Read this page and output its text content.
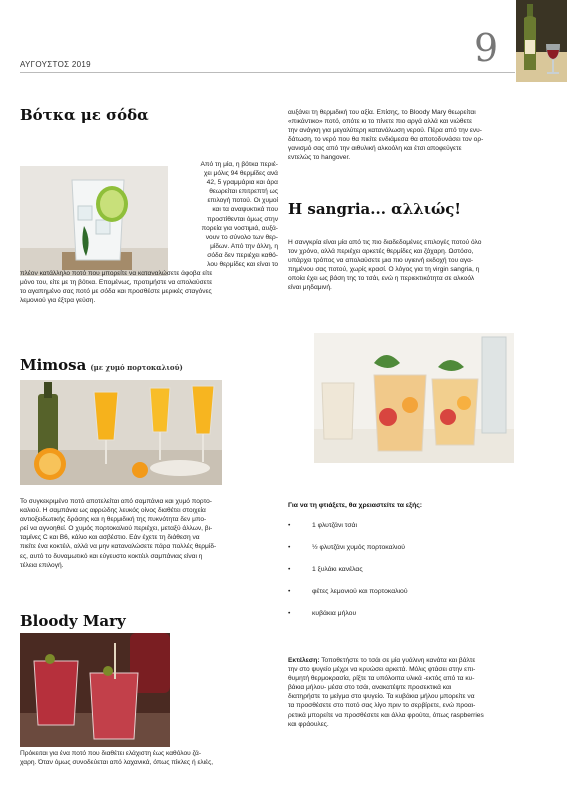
ΑΥΓΟΥΣΤΟΣ 2019	9
Βότκα με σόδα

Από τη μία, η βότκα περιέ-

χει μόλις 94 θερμίδες ανά

42, 5 γραμμάρια και άρα

θεωρείται επιτρεπτή ως

επιλογή ποτού. Οι χυμοί

και τα αναψυκτικά που

προστίθενται όμως στην

πορεία για νοστιμιά, αυξά-

νουν το σύνολο των θερ-

μίδων. Από την άλλη, η

σόδα δεν περιέχει καθό-

λου θερμίδες και είναι το

πλέον κατάλληλο ποτό που μπορείτε να καταναλώσετε άφοβα είτε

μόνο του, είτε με τη βότκα. Επομένως, προτιμήστε να απολαύσετε

το αγαπημένο σας ποτό με σόδα και προσθέστε μερικές σταγόνες

λεμονιού για έξτρα γεύση.

Mimosa (με χυμό πορτοκαλιού)

Το συγκεκριμένο ποτό αποτελείται από σαμπάνια και χυμό πορτο-

καλιού. Η σαμπάνια ως αφρώδης λευκός οίνος διαθέτει στοιχεία

αντιοξειδωτικής δράσης και η θερμιδική της πυκνότητα δεν μπο-

ρεί να αγνοηθεί. Ο χυμός πορτοκαλιού περιέχει, μεταξύ άλλων, βι-

ταμίνες C και B6, κάλιο και ασβέστιο. Εάν έχετε τη διάθεση να

πιείτε ένα κοκτέιλ, αλλά να μην καταναλώσετε πάρα πολλές θερμίδ-

ες, αυτό το δυναμωτικό και εύγευστο κοκτέιλ σαμπάνιας είναι η

τέλεια επιλογή.

Bloody Mary

Πρόκειται για ένα ποτό που διαθέτει ελάχιστη έως καθόλου ζά-

χαρη. Όταν όμως συνοδεύεται από λαχανικά, όπως πίκλες ή ελιές,

αυξάνει τη θερμιδική του αξία. Επίσης, το Bloody Mary θεωρείται

«πικάντικο» ποτό, οπότε κι το πίνετε πιο αργά αλλά και νιώθετε

την ανάγκη για μεγαλύτερη κατανάλωση νερού. Πέρα από την ενυ-

δάτωση, το νερό που θα πιείτε ενδιάμεσα θα αποτοδυνάσει τον ορ-

γανισμό σας από την αιθυλική αλκοόλη και έτσι αποφεύγετε

εντελώς το hangover.

Η sangria... αλλιώς!

Η σανγκρία είναι μία από τις πιο διαδεδομένες επιλογές ποτού όλο

τον χρόνο, αλλά περιέχει αρκετές θερμίδες και ζάχαρη. Ωστόσο,

υπάρχει τρόπος να απολαύσετε μια πιο υγιεινή εκδοχή του αγα-

πημένου σας ποτού, χωρίς κρασί. Ο λόγος για τη virgin sangria, η

οποία έχει ως βάση της το τσάι, ενώ η περιεκτικότητα σε αλκοόλ

είναι μηδαμινή.

Για να τη φτιάξετε, θα χρειαστείτε τα εξής:
•	1 φλυτζάνι τσάι
•	½ φλυτζάνι χυμός πορτοκαλιού
•	1 ξυλάκι κανέλας
•	φέτες λεμονιού και πορτοκαλιού
•	κυβάκια μήλου

Εκτέλεση: Τοποθετήστε το τσάι σε μία γυάλινη κανάτα και βάλτε

την στο ψυγείο μέχρι να κρυώσει αρκετά. Μόλις φτάσει στην επι-

θυμητή θερμοκρασία, ρίξτε τα υπόλοιπα υλικά -εκτός από τα κυ-

βάκια μήλου- μέσα στο τσάι, ανακατέψτε προσεκτικά και

διατηρήστε το μείγμα στο ψυγείο. Τα κυβάκια μήλου μπορείτε να

τα προσθέσετε στο ποτό σας λίγο πριν το σερβίρετε, ενώ προαι-

ρετικά μπορείτε να προσθέσετε και άλλα φρούτα, όπως raspberries

και φράουλες.
